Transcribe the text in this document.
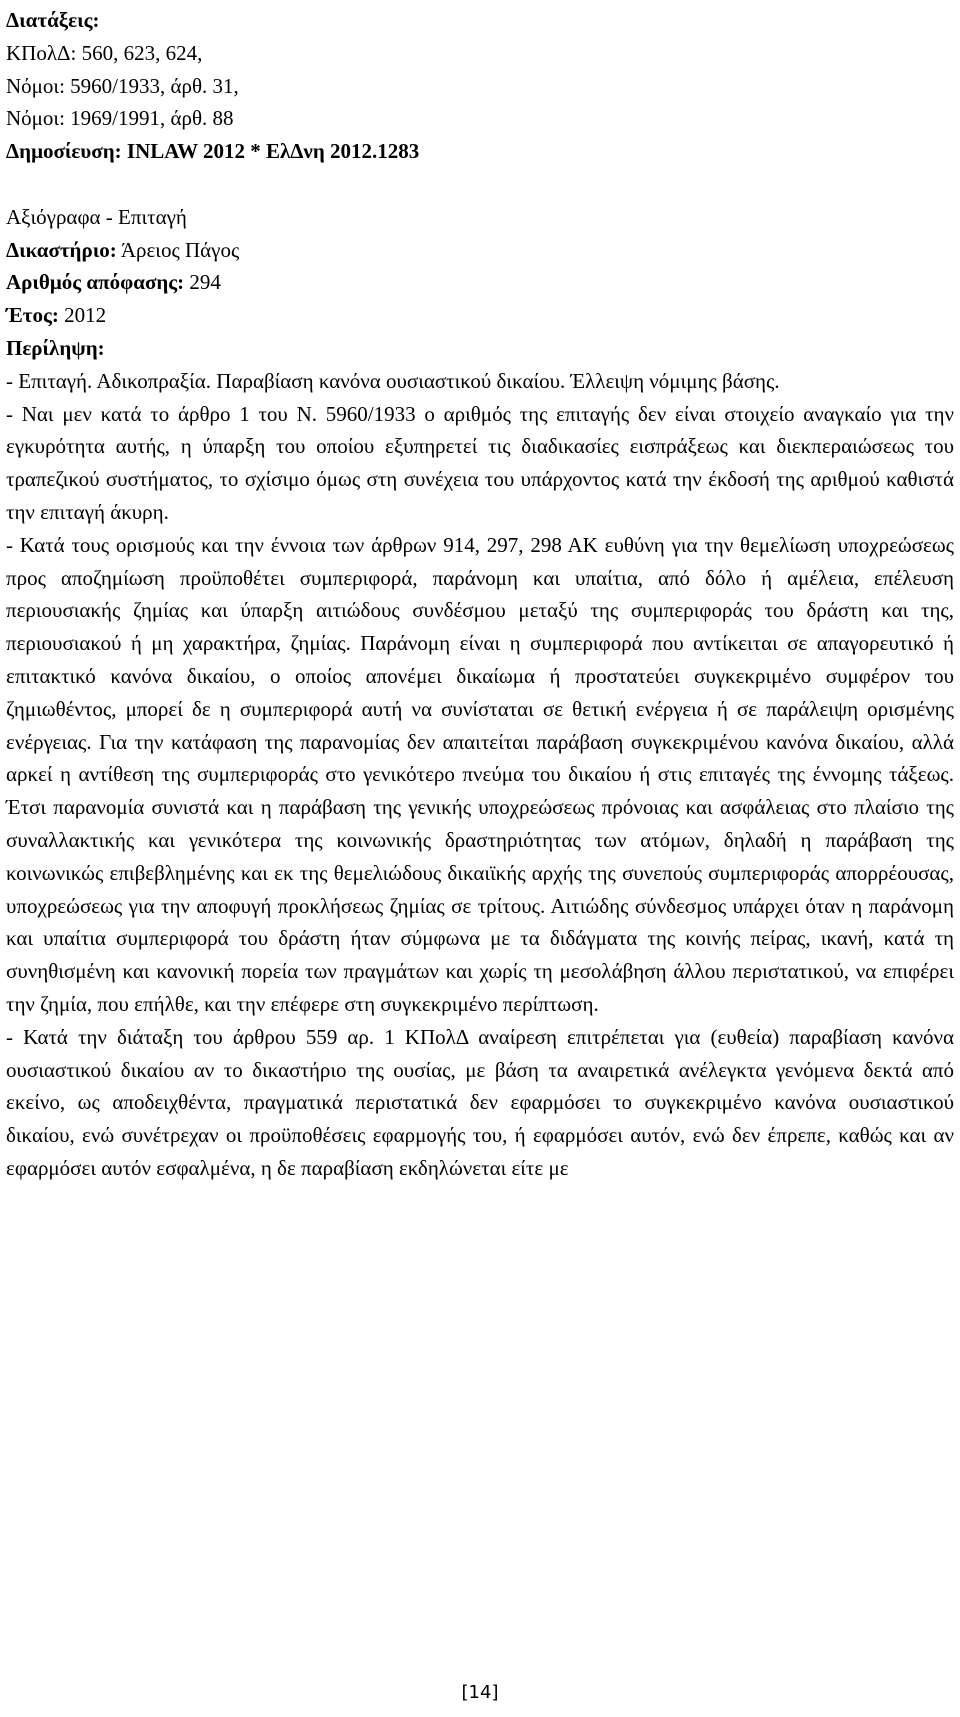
Διατάξεις:
ΚΠολΔ: 560, 623, 624,
Νόμοι: 5960/1933, άρθ. 31,
Νόμοι: 1969/1991, άρθ. 88
Δημοσίευση: INLAW 2012 * ΕλΔνη 2012.1283
Αξιόγραφα - Επιταγή
Δικαστήριο: Άρειος Πάγος
Αριθμός απόφασης: 294
Έτος: 2012
Περίληψη:
- Επιταγή. Αδικοπραξία. Παραβίαση κανόνα ουσιαστικού δικαίου. Έλλειψη νόμιμης βάσης.
- Ναι μεν κατά το άρθρο 1 του Ν. 5960/1933 ο αριθμός της επιταγής δεν είναι στοιχείο αναγκαίο για την εγκυρότητα αυτής, η ύπαρξη του οποίου εξυπηρετεί τις διαδικασίες εισπράξεως και διεκπεραιώσεως του τραπεζικού συστήματος, το σχίσιμο όμως στη συνέχεια του υπάρχοντος κατά την έκδοσή της αριθμού καθιστά την επιταγή άκυρη.
- Κατά τους ορισμούς και την έννοια των άρθρων 914, 297, 298 ΑΚ ευθύνη για την θεμελίωση υποχρεώσεως προς αποζημίωση προϋποθέτει συμπεριφορά, παράνομη και υπαίτια, από δόλο ή αμέλεια, επέλευση περιουσιακής ζημίας και ύπαρξη αιτιώδους συνδέσμου μεταξύ της συμπεριφοράς του δράστη και της, περιουσιακού ή μη χαρακτήρα, ζημίας. Παράνομη είναι η συμπεριφορά που αντίκειται σε απαγορευτικό ή επιτακτικό κανόνα δικαίου, ο οποίος απονέμει δικαίωμα ή προστατεύει συγκεκριμένο συμφέρον του ζημιωθέντος, μπορεί δε η συμπεριφορά αυτή να συνίσταται σε θετική ενέργεια ή σε παράλειψη ορισμένης ενέργειας. Για την κατάφαση της παρανομίας δεν απαιτείται παράβαση συγκεκριμένου κανόνα δικαίου, αλλά αρκεί η αντίθεση της συμπεριφοράς στο γενικότερο πνεύμα του δικαίου ή στις επιταγές της έννομης τάξεως. Έτσι παρανομία συνιστά και η παράβαση της γενικής υποχρεώσεως πρόνοιας και ασφάλειας στο πλαίσιο της συναλλακτικής και γενικότερα της κοινωνικής δραστηριότητας των ατόμων, δηλαδή η παράβαση της κοινωνικώς επιβεβλημένης και εκ της θεμελιώδους δικαιϊκής αρχής της συνεπούς συμπεριφοράς απορρέουσας, υποχρεώσεως για την αποφυγή προκλήσεως ζημίας σε τρίτους. Αιτιώδης σύνδεσμος υπάρχει όταν η παράνομη και υπαίτια συμπεριφορά του δράστη ήταν σύμφωνα με τα διδάγματα της κοινής πείρας, ικανή, κατά τη συνηθισμένη και κανονική πορεία των πραγμάτων και χωρίς τη μεσολάβηση άλλου περιστατικού, να επιφέρει την ζημία, που επήλθε, και την επέφερε στη συγκεκριμένο περίπτωση.
- Κατά την διάταξη του άρθρου 559 αρ. 1 ΚΠολΔ αναίρεση επιτρέπεται για (ευθεία) παραβίαση κανόνα ουσιαστικού δικαίου αν το δικαστήριο της ουσίας, με βάση τα αναιρετικά ανέλεγκτα γενόμενα δεκτά από εκείνο, ως αποδειχθέντα, πραγματικά περιστατικά δεν εφαρμόσει το συγκεκριμένο κανόνα ουσιαστικού δικαίου, ενώ συνέτρεχαν οι προϋποθέσεις εφαρμογής του, ή εφαρμόσει αυτόν, ενώ δεν έπρεπε, καθώς και αν εφαρμόσει αυτόν εσφαλμένα, η δε παραβίαση εκδηλώνεται είτε με
[14]
